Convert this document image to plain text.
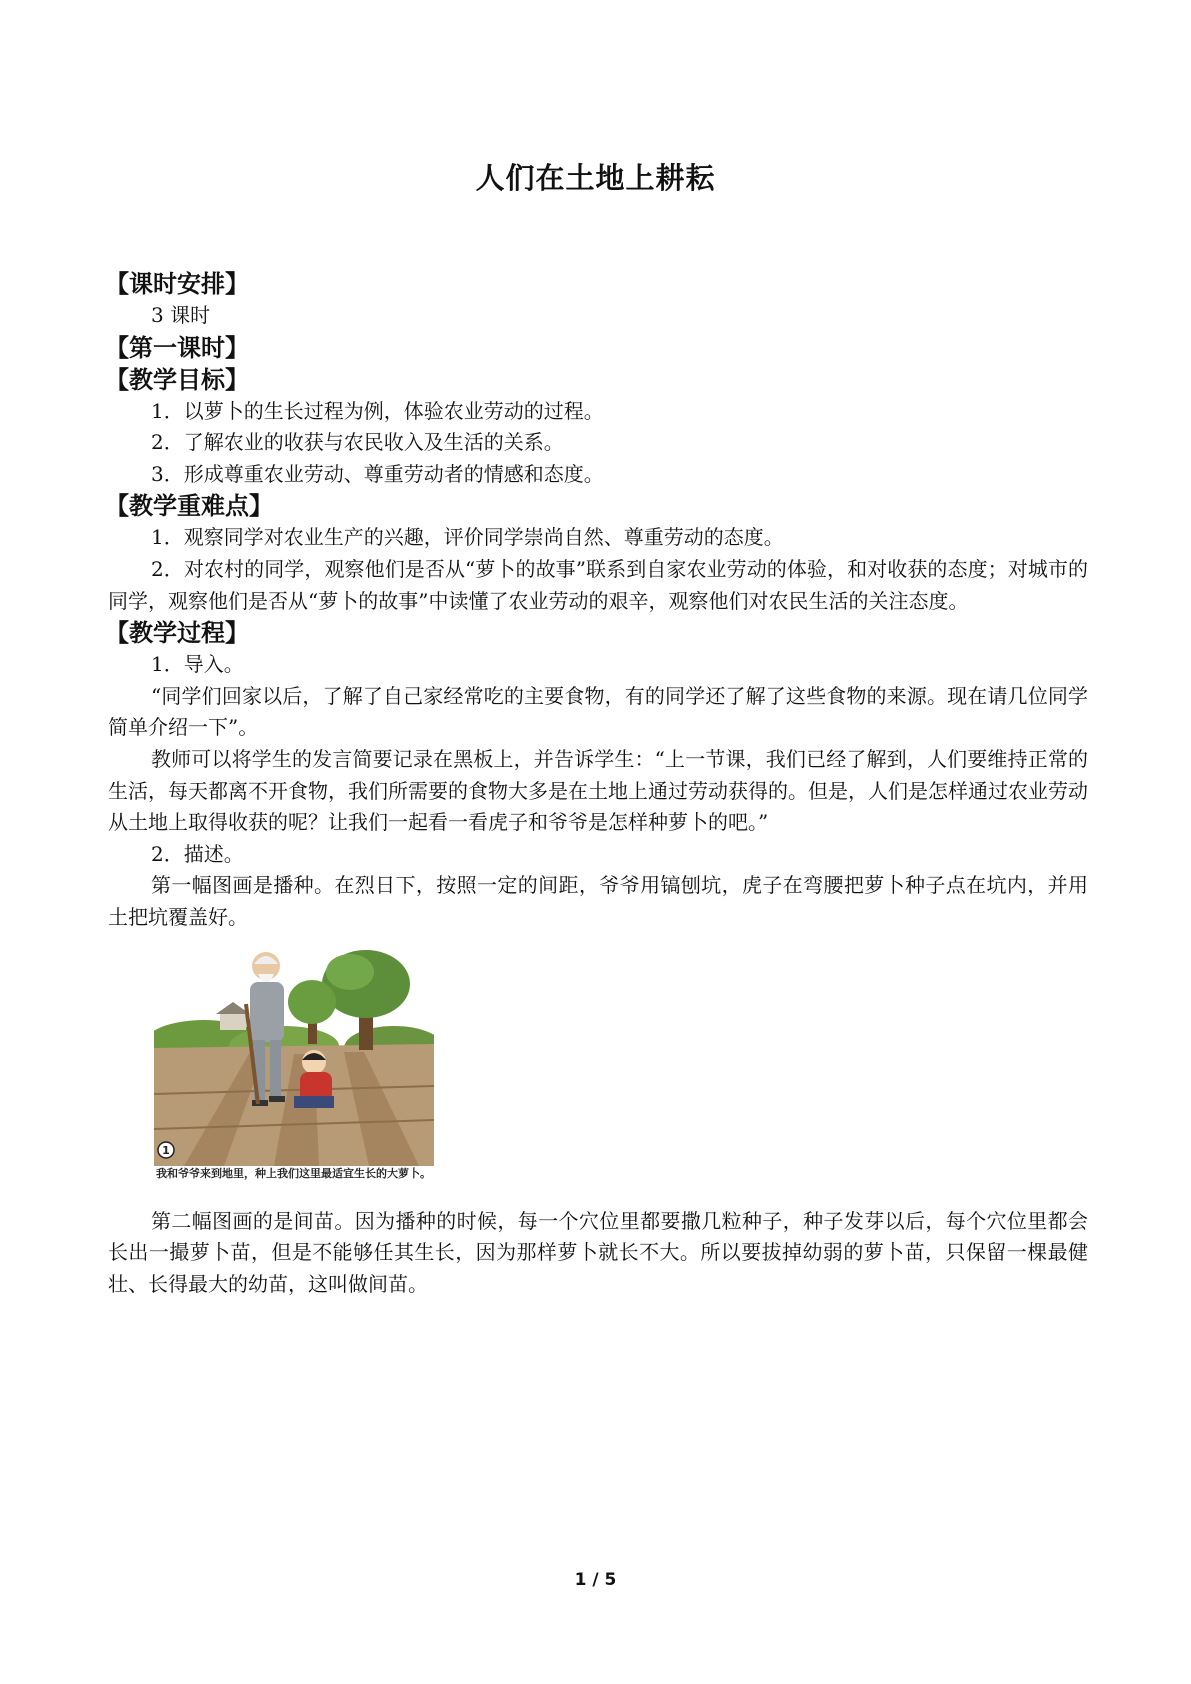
人们在土地上耕耘
【课时安排】
3 课时
【第一课时】
【教学目标】
1．以萝卜的生长过程为例，体验农业劳动的过程。
2．了解农业的收获与农民收入及生活的关系。
3．形成尊重农业劳动、尊重劳动者的情感和态度。
【教学重难点】
1．观察同学对农业生产的兴趣，评价同学崇尚自然、尊重劳动的态度。
2．对农村的同学，观察他们是否从“萝卜的故事”联系到自家农业劳动的体验，和对收获的态度；对城市的同学，观察他们是否从“萝卜的故事”中读懂了农业劳动的艰辛，观察他们对农民生活的关注态度。
【教学过程】
1．导入。
“同学们回家以后，了解了自己家经常吃的主要食物，有的同学还了解了这些食物的来源。现在请几位同学简单介绍一下”。
教师可以将学生的发言简要记录在黑板上，并告诉学生：“上一节课，我们已经了解到，人们要维持正常的生活，每天都离不开食物，我们所需要的食物大多是在土地上通过劳动获得的。但是，人们是怎样通过农业劳动从土地上取得收获的呢？让我们一起看一看虎子和爷爷是怎样种萝卜的吧。”
2．描述。
第一幅图画是播种。在烈日下，按照一定的间距，爷爷用镐刨坑，虎子在弯腰把萝卜种子点在坑内，并用土把坑覆盖好。
1
我和爷爷来到地里，种上我们这里最适宜生长的大萝卜。
第二幅图画的是间苗。因为播种的时候，每一个穴位里都要撒几粒种子，种子发芽以后，每个穴位里都会长出一撮萝卜苗，但是不能够任其生长，因为那样萝卜就长不大。所以要拔掉幼弱的萝卜苗，只保留一棵最健壮、长得最大的幼苗，这叫做间苗。
1 / 5
